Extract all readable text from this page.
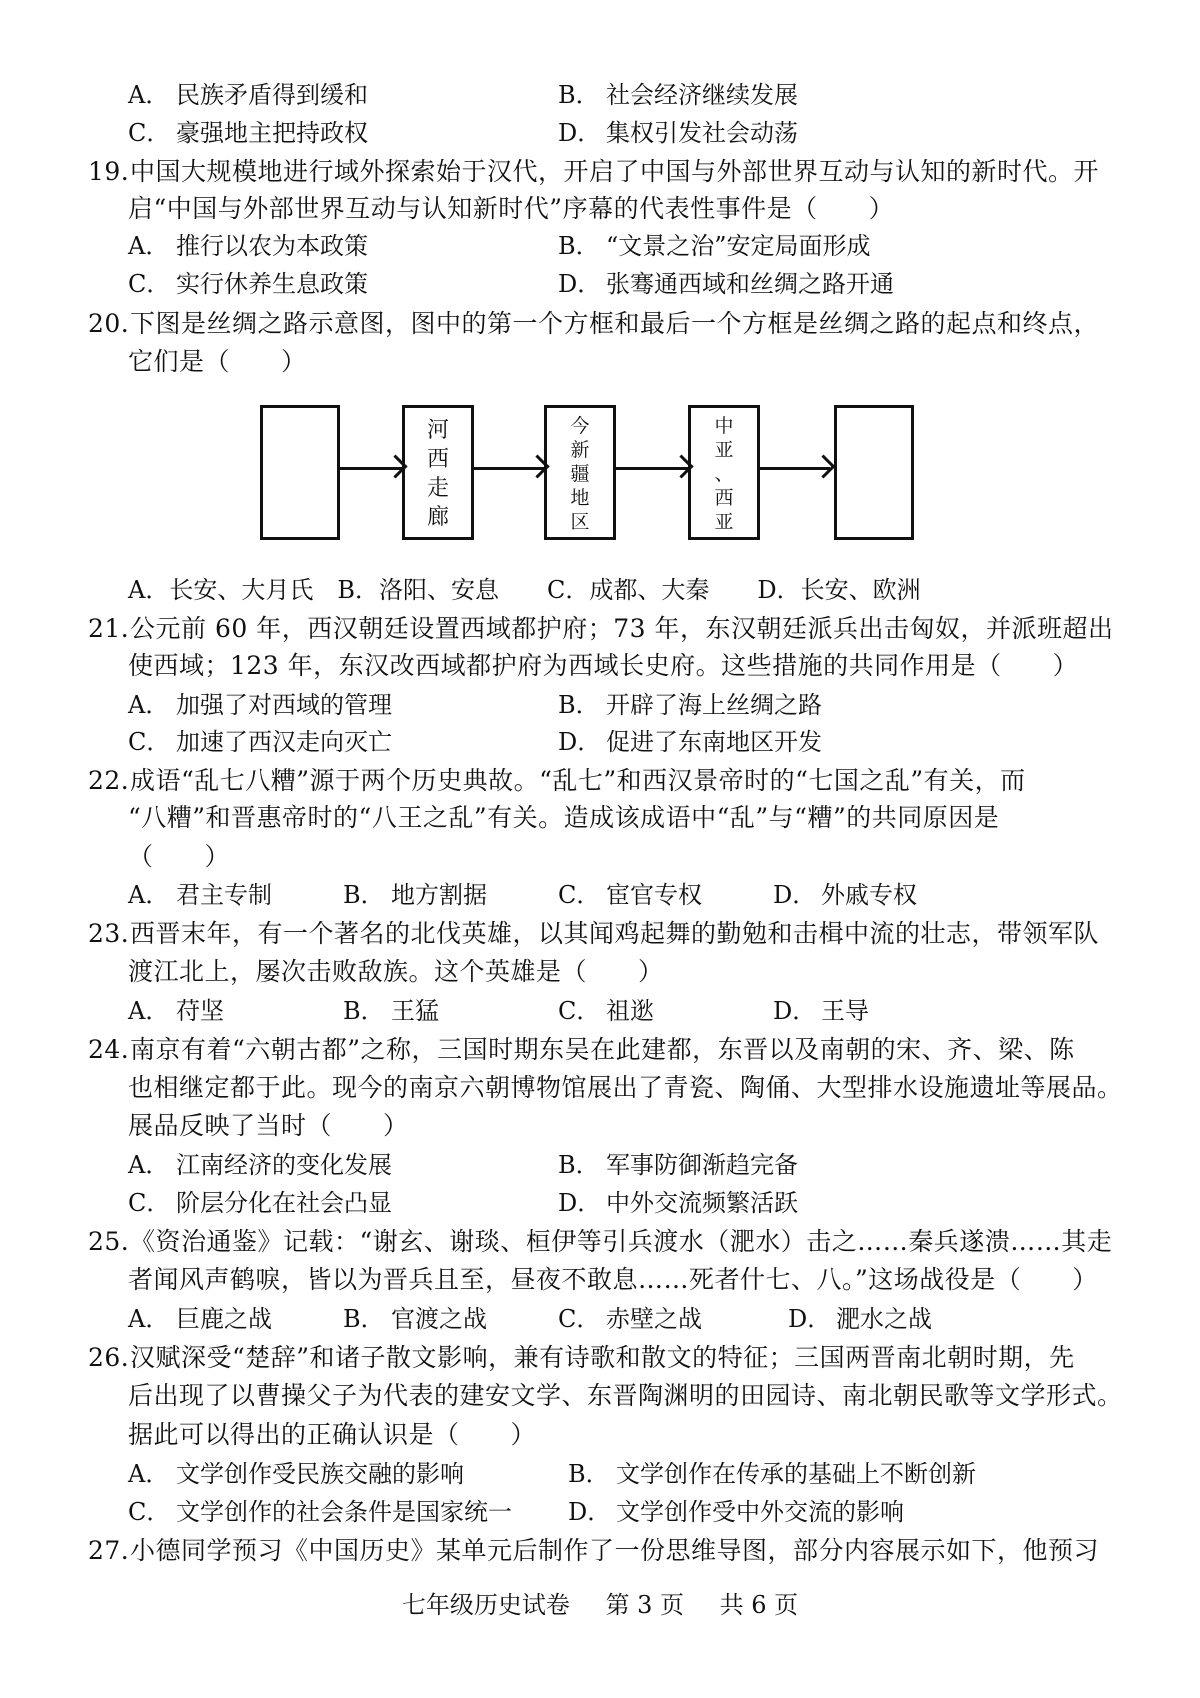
A． 民族矛盾得到缓和	B． 社会经济继续发展
C． 豪强地主把持政权	D． 集权引发社会动荡
19.中国大规模地进行域外探索始于汉代，开启了中国与外部世界互动与认知的新时代。开
启“中国与外部世界互动与认知新时代”序幕的代表性事件是（　　）
A． 推行以农为本政策	B． “文景之治”安定局面形成
C． 实行休养生息政策	D． 张骞通西域和丝绸之路开通
20.下图是丝绸之路示意图，图中的第一个方框和最后一个方框是丝绸之路的起点和终点，
它们是（　　）
河
西
走
廊
今
新
疆
地
区
中
亚
、
西
亚
A．长安、大月氏　B．洛阳、安息　　C．成都、大秦　　D．长安、欧洲
21.公元前 60 年，西汉朝廷设置西域都护府；73 年，东汉朝廷派兵出击匈奴，并派班超出
使西域；123 年，东汉改西域都护府为西域长史府。这些措施的共同作用是（　　）
A． 加强了对西域的管理	B． 开辟了海上丝绸之路
C． 加速了西汉走向灭亡	D． 促进了东南地区开发
22.成语“乱七八糟”源于两个历史典故。“乱七”和西汉景帝时的“七国之乱”有关，而
“八糟”和晋惠帝时的“八王之乱”有关。造成该成语中“乱”与“糟”的共同原因是
（　　）
A． 君主专制	B． 地方割据	C． 宦官专权	D． 外戚专权
23.西晋末年，有一个著名的北伐英雄，以其闻鸡起舞的勤勉和击楫中流的壮志，带领军队
渡江北上，屡次击败敌族。这个英雄是（　　）
A． 苻坚	B． 王猛	C． 祖逖	D． 王导
24.南京有着“六朝古都”之称，三国时期东吴在此建都，东晋以及南朝的宋、齐、梁、陈
也相继定都于此。现今的南京六朝博物馆展出了青瓷、陶俑、大型排水设施遗址等展品。
展品反映了当时（　　）
A． 江南经济的变化发展	B． 军事防御渐趋完备
C． 阶层分化在社会凸显	D． 中外交流频繁活跃
25.《资治通鉴》记载：“谢玄、谢琰、桓伊等引兵渡水（淝水）击之……秦兵遂溃……其走
者闻风声鹤唳，皆以为晋兵且至，昼夜不敢息……死者什七、八。”这场战役是（　　）
A． 巨鹿之战	B． 官渡之战	C． 赤壁之战	D． 淝水之战
26.汉赋深受“楚辞”和诸子散文影响，兼有诗歌和散文的特征；三国两晋南北朝时期，先
后出现了以曹操父子为代表的建安文学、东晋陶渊明的田园诗、南北朝民歌等文学形式。
据此可以得出的正确认识是（　　）
A． 文学创作受民族交融的影响	B． 文学创作在传承的基础上不断创新
C． 文学创作的社会条件是国家统一 D． 文学创作受中外交流的影响
27.小德同学预习《中国历史》某单元后制作了一份思维导图，部分内容展示如下，他预习
七年级历史试卷 第 3 页 共 6 页
